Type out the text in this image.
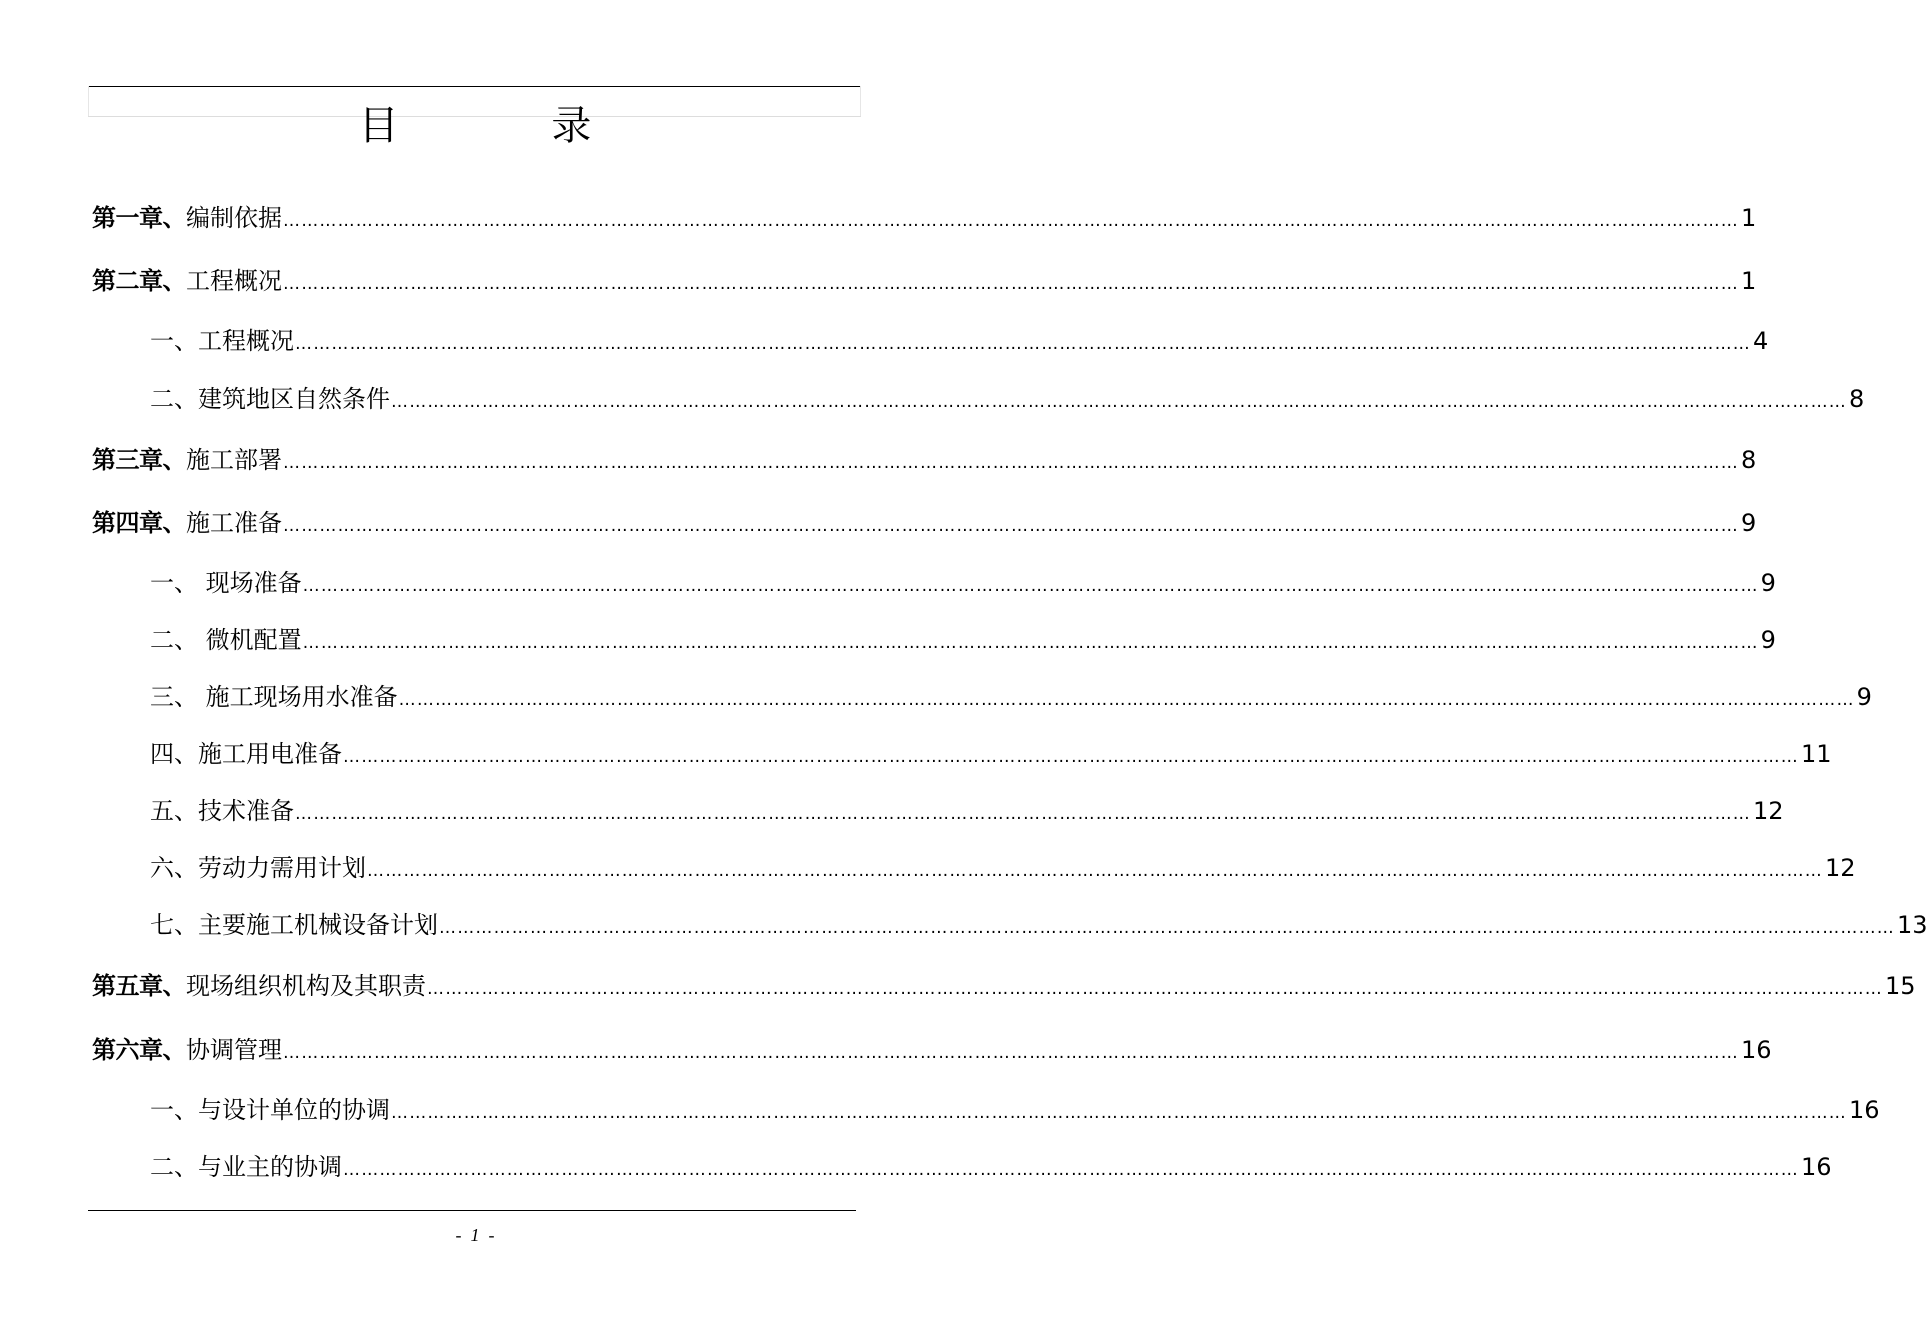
目 录
第一章、 编制依据 …………………………………………………………………………………………………………………………………………………………………………………………………………………… 1
第二章、 工程概况 …………………………………………………………………………………………………………………………………………………………………………………………………………………… 1
一、工程概况 …………………………………………………………………………………………………………………………………………………………………………………………………………………… 4
二、建筑地区自然条件 …………………………………………………………………………………………………………………………………………………………………………………………………………………… 8
第三章、 施工部署 …………………………………………………………………………………………………………………………………………………………………………………………………………………… 8
第四章、 施工准备 …………………………………………………………………………………………………………………………………………………………………………………………………………………… 9
一、 现场准备 …………………………………………………………………………………………………………………………………………………………………………………………………………………… 9
二、 微机配置 …………………………………………………………………………………………………………………………………………………………………………………………………………………… 9
三、 施工现场用水准备 …………………………………………………………………………………………………………………………………………………………………………………………………………………… 9
四、施工用电准备 …………………………………………………………………………………………………………………………………………………………………………………………………………………… 11
五、技术准备 …………………………………………………………………………………………………………………………………………………………………………………………………………………… 12
六、劳动力需用计划 …………………………………………………………………………………………………………………………………………………………………………………………………………………… 12
七、主要施工机械设备计划 …………………………………………………………………………………………………………………………………………………………………………………………………………………… 13
第五章、 现场组织机构及其职责 …………………………………………………………………………………………………………………………………………………………………………………………………………………… 15
第六章、 协调管理 …………………………………………………………………………………………………………………………………………………………………………………………………………………… 16
一、与设计单位的协调 …………………………………………………………………………………………………………………………………………………………………………………………………………………… 16
二、与业主的协调 …………………………………………………………………………………………………………………………………………………………………………………………………………………… 16
-  1  -
